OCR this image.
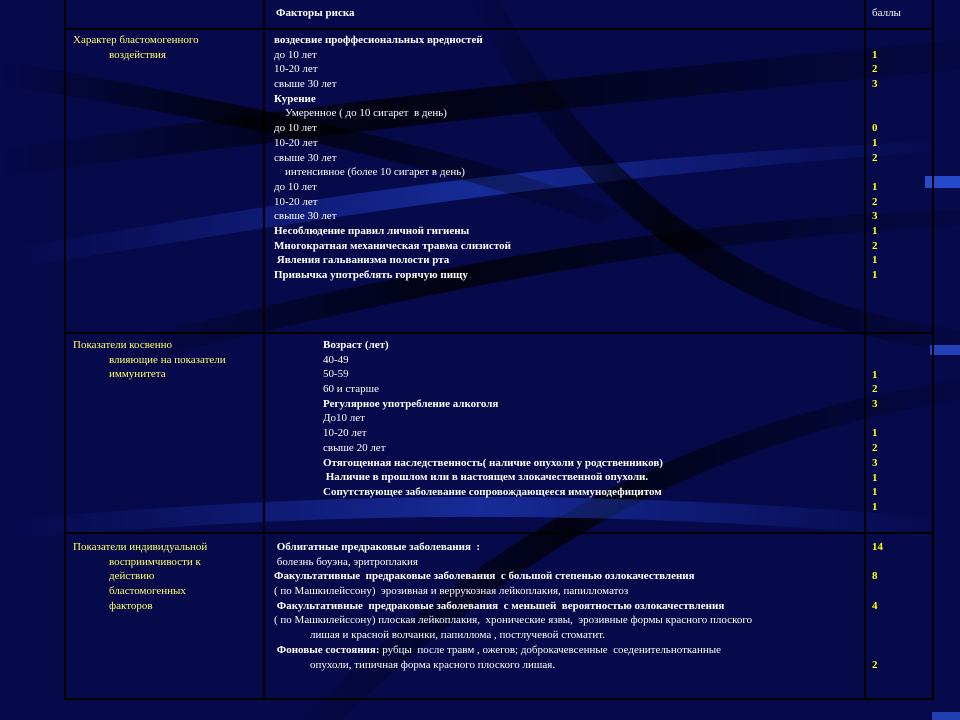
Факторы риска	баллы
Характер бластомогенного
воздействия
воздесвие проффесиональных вредностей
до 10 лет
10-20 лет
свыше 30 лет
Курение
Умеренное ( до 10 сигарет  в день)
до 10 лет
10-20 лет
свыше 30 лет
интенсивное (более 10 сигарет в день)
до 10 лет
10-20 лет
свыше 30 лет
Несоблюдение правил личной гигиены
Многократная механическая травма слизистой
Явления гальванизма полости рта
Привычка употреблять горячую пищу
1
2
3
0
1
2
1
2
3
1
2
1
1
Показатели косвенно
влияющие на показатели
иммунитета
Возраст (лет)
40-49
50-59
60 и старше
Регулярное употребление алкоголя
До10 лет
10-20 лет
свыше 20 лет
Отягощенная наследственность( наличие опухоли у родственников)
Наличие в прошлом или в настоящем злокачественной опухоли.
Сопутствующее заболевание сопровождающееся иммунодефицитом
1
2
3
1
2
3
1
1
1
Показатели индивидуальной
восприимчивости к
действию
бластомогенных
факторов
Облигатные предраковые заболевания  :
болезнь боуэна, эритроплакия
Факультативные  предраковые заболевания  с большой степенью озлокачествления
( по Машкилейссону)  эрозивная и веррукозная лейкоплакия, папилломатоз
Факультативные  предраковые заболевания  с меньшей  вероятностью озлокачествления
( по Машкилейссону) плоская лейкоплакия,  хронические язвы,  эрозивные формы красного плоского
лишая и красной волчанки, папиллома , постлучевой стоматит.
Фоновые состояния: рубцы  после травм , ожегов; доброкачевсенные  соеденительнотканные
опухоли, типичная форма красного плоского лишая.
14
8
4
2
